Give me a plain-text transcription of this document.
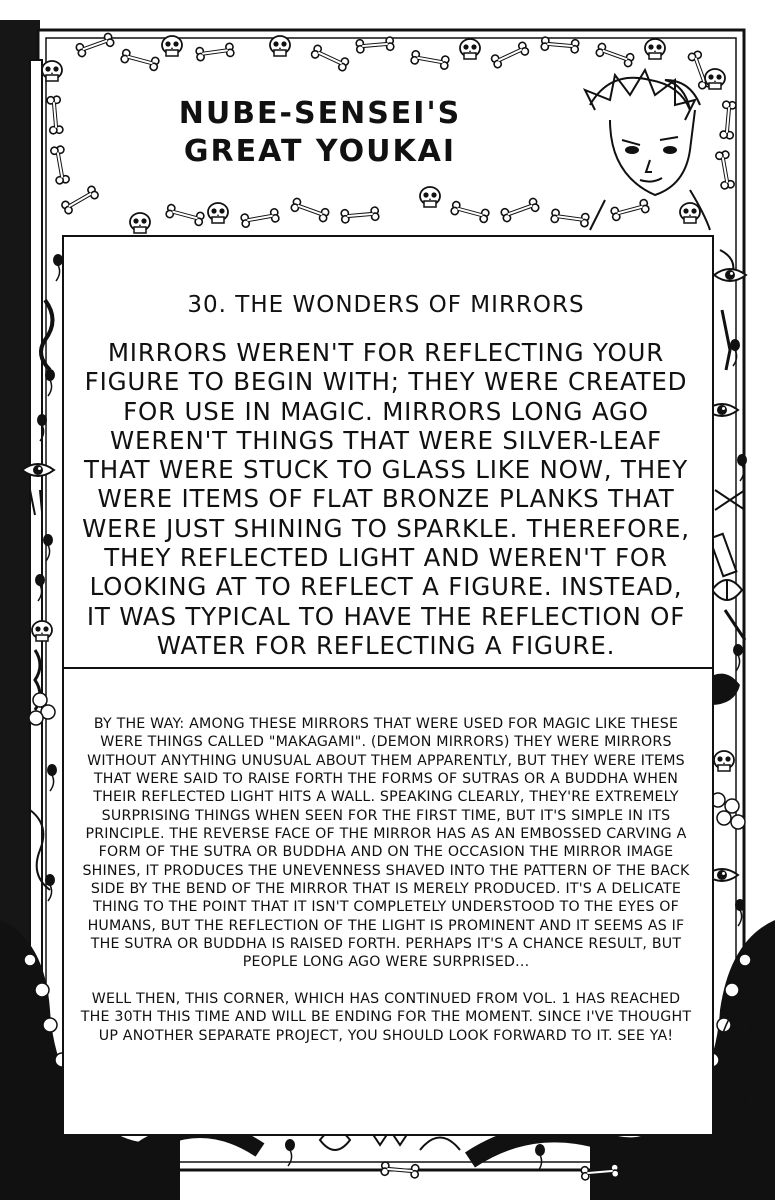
NUBE-SENSEI'S
GREAT YOUKAI
30. THE WONDERS OF MIRRORS
MIRRORS WEREN'T FOR REFLECTING YOUR FIGURE TO BEGIN WITH; THEY WERE CREATED FOR USE IN MAGIC. MIRRORS LONG AGO WEREN'T THINGS THAT WERE SILVER-LEAF THAT WERE STUCK TO GLASS LIKE NOW, THEY WERE ITEMS OF FLAT BRONZE PLANKS THAT WERE JUST SHINING TO SPARKLE. THEREFORE, THEY REFLECTED LIGHT AND WEREN'T FOR LOOKING AT TO REFLECT A FIGURE. INSTEAD, IT WAS TYPICAL TO HAVE THE REFLECTION OF WATER FOR REFLECTING A FIGURE.

BY THE WAY: AMONG THESE MIRRORS THAT WERE USED FOR MAGIC LIKE THESE WERE THINGS CALLED "MAKAGAMI". (DEMON MIRRORS) THEY WERE MIRRORS WITHOUT ANYTHING UNUSUAL ABOUT THEM APPARENTLY, BUT THEY WERE ITEMS THAT WERE SAID TO RAISE FORTH THE FORMS OF SUTRAS OR A BUDDHA WHEN THEIR REFLECTED LIGHT HITS A WALL. SPEAKING CLEARLY, THEY'RE EXTREMELY SURPRISING THINGS WHEN SEEN FOR THE FIRST TIME, BUT IT'S SIMPLE IN ITS PRINCIPLE. THE REVERSE FACE OF THE MIRROR HAS AS AN EMBOSSED CARVING A FORM OF THE SUTRA OR BUDDHA AND ON THE OCCASION THE MIRROR IMAGE SHINES, IT PRODUCES THE UNEVENNESS SHAVED INTO THE PATTERN OF THE BACK SIDE BY THE BEND OF THE MIRROR THAT IS MERELY PRODUCED. IT'S A DELICATE THING TO THE POINT THAT IT ISN'T COMPLETELY UNDERSTOOD TO THE EYES OF HUMANS, BUT THE REFLECTION OF THE LIGHT IS PROMINENT AND IT SEEMS AS IF THE SUTRA OR BUDDHA IS RAISED FORTH. PERHAPS IT'S A CHANCE RESULT, BUT PEOPLE LONG AGO WERE SURPRISED...

WELL THEN, THIS CORNER, WHICH HAS CONTINUED FROM VOL. 1 HAS REACHED THE 30TH THIS TIME AND WILL BE ENDING FOR THE MOMENT. SINCE I'VE THOUGHT UP ANOTHER SEPARATE PROJECT, YOU SHOULD LOOK FORWARD TO IT. SEE YA!
